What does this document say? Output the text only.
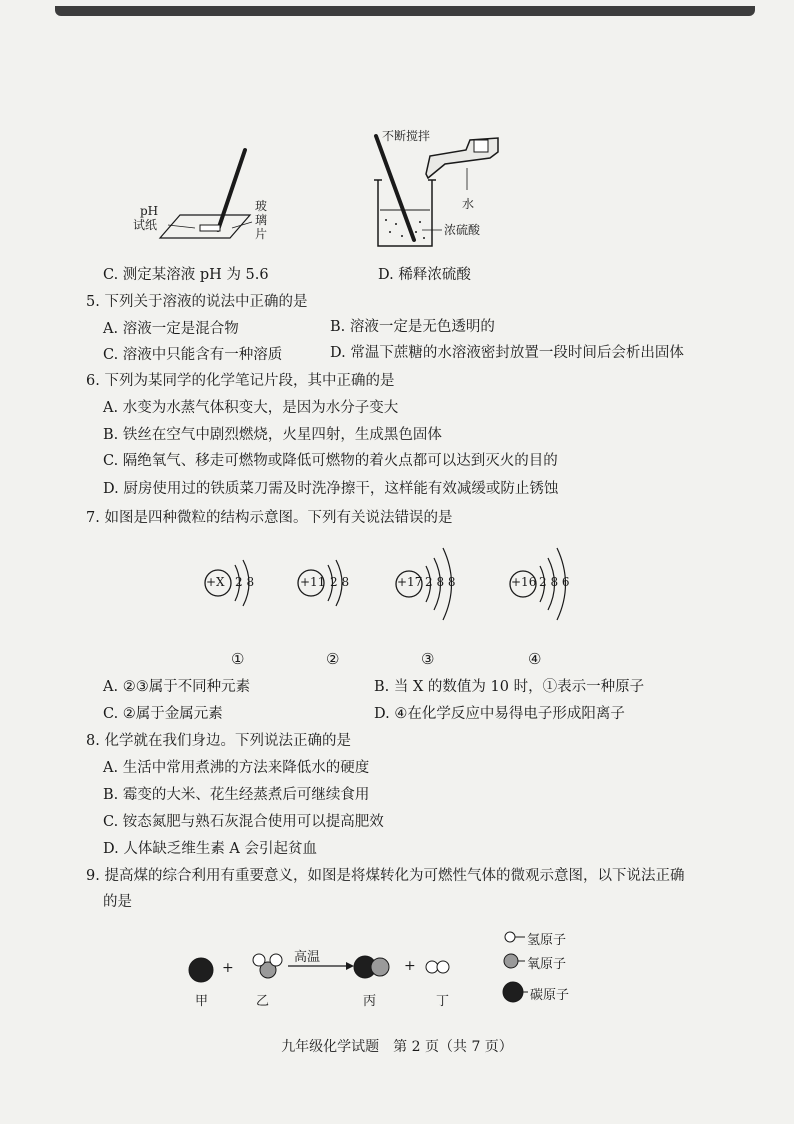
pH
试纸
玻
璃
片
不断搅拌
水
浓硫酸
C. 测定某溶液 pH 为 5.6	D. 稀释浓硫酸
5. 下列关于溶液的说法中正确的是
A. 溶液一定是混合物	B. 溶液一定是无色透明的
C. 溶液中只能含有一种溶质	D. 常温下蔗糖的水溶液密封放置一段时间后会析出固体
6. 下列为某同学的化学笔记片段，其中正确的是
A. 水变为水蒸气体积变大，是因为水分子变大
B. 铁丝在空气中剧烈燃烧，火星四射，生成黑色固体
C. 隔绝氧气、移走可燃物或降低可燃物的着火点都可以达到灭火的目的
D. 厨房使用过的铁质菜刀需及时洗净擦干，这样能有效减缓或防止锈蚀
7. 如图是四种微粒的结构示意图。下列有关说法错误的是
+X 2 8	+11 2 8	+17 2 8 8	+16 2 8 6
①	②	③	④
A. ②③属于不同种元素	B. 当 X 的数值为 10 时，①表示一种原子
C. ②属于金属元素	D. ④在化学反应中易得电子形成阳离子
8. 化学就在我们身边。下列说法正确的是
A. 生活中常用煮沸的方法来降低水的硬度
B. 霉变的大米、花生经蒸煮后可继续食用
C. 铵态氮肥与熟石灰混合使用可以提高肥效
D. 人体缺乏维生素 A 会引起贫血
9. 提高煤的综合利用有重要意义，如图是将煤转化为可燃性气体的微观示意图，以下说法正确
的是
+	+
高温
甲	乙	丙	丁
氢原子
氧原子
碳原子
九年级化学试题　第 2 页（共 7 页）
